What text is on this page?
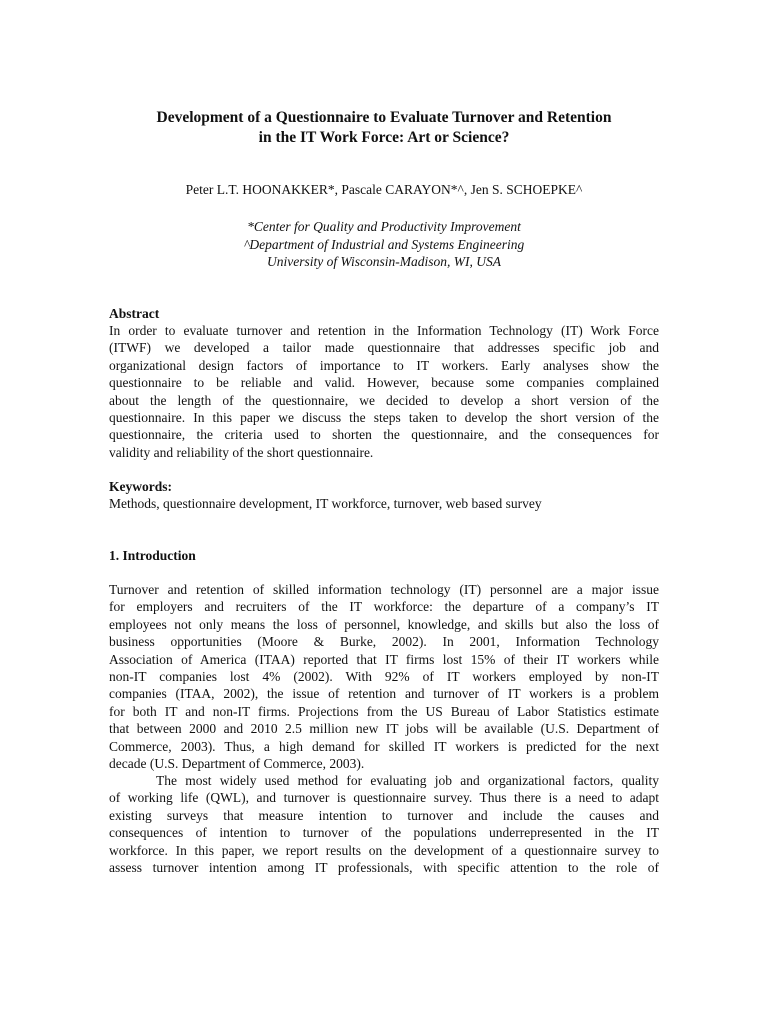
Development of a Questionnaire to Evaluate Turnover and Retention
in the IT Work Force: Art or Science?
Peter L.T. HOONAKKER*, Pascale CARAYON*^, Jen S. SCHOEPKE^
*Center for Quality and Productivity Improvement
^Department of Industrial and Systems Engineering
University of Wisconsin-Madison, WI, USA
Abstract
In order to evaluate turnover and retention in the Information Technology (IT) Work Force
(ITWF) we developed a tailor made questionnaire that addresses specific job and
organizational design factors of importance to IT workers. Early analyses show the
questionnaire to be reliable and valid. However, because some companies complained
about the length of the questionnaire, we decided to develop a short version of the
questionnaire. In this paper we discuss the steps taken to develop the short version of the
questionnaire, the criteria used to shorten the questionnaire, and the consequences for
validity and reliability of the short questionnaire.
Keywords:
Methods, questionnaire development, IT workforce, turnover, web based survey
1. Introduction
Turnover and retention of skilled information technology (IT) personnel are a major issue
for employers and recruiters of the IT workforce: the departure of a company’s IT
employees not only means the loss of personnel, knowledge, and skills but also the loss of
business opportunities (Moore & Burke, 2002). In 2001, Information Technology
Association of America (ITAA) reported that IT firms lost 15% of their IT workers while
non-IT companies lost 4% (2002). With 92% of IT workers employed by non-IT
companies (ITAA, 2002), the issue of retention and turnover of IT workers is a problem
for both IT and non-IT firms. Projections from the US Bureau of Labor Statistics estimate
that between 2000 and 2010 2.5 million new IT jobs will be available (U.S. Department of
Commerce, 2003). Thus, a high demand for skilled IT workers is predicted for the next
decade (U.S. Department of Commerce, 2003).
The most widely used method for evaluating job and organizational factors, quality
of working life (QWL), and turnover is questionnaire survey. Thus there is a need to adapt
existing surveys that measure intention to turnover and include the causes and
consequences of intention to turnover of the populations underrepresented in the IT
workforce. In this paper, we report results on the development of a questionnaire survey to
assess turnover intention among IT professionals, with specific attention to the role of
